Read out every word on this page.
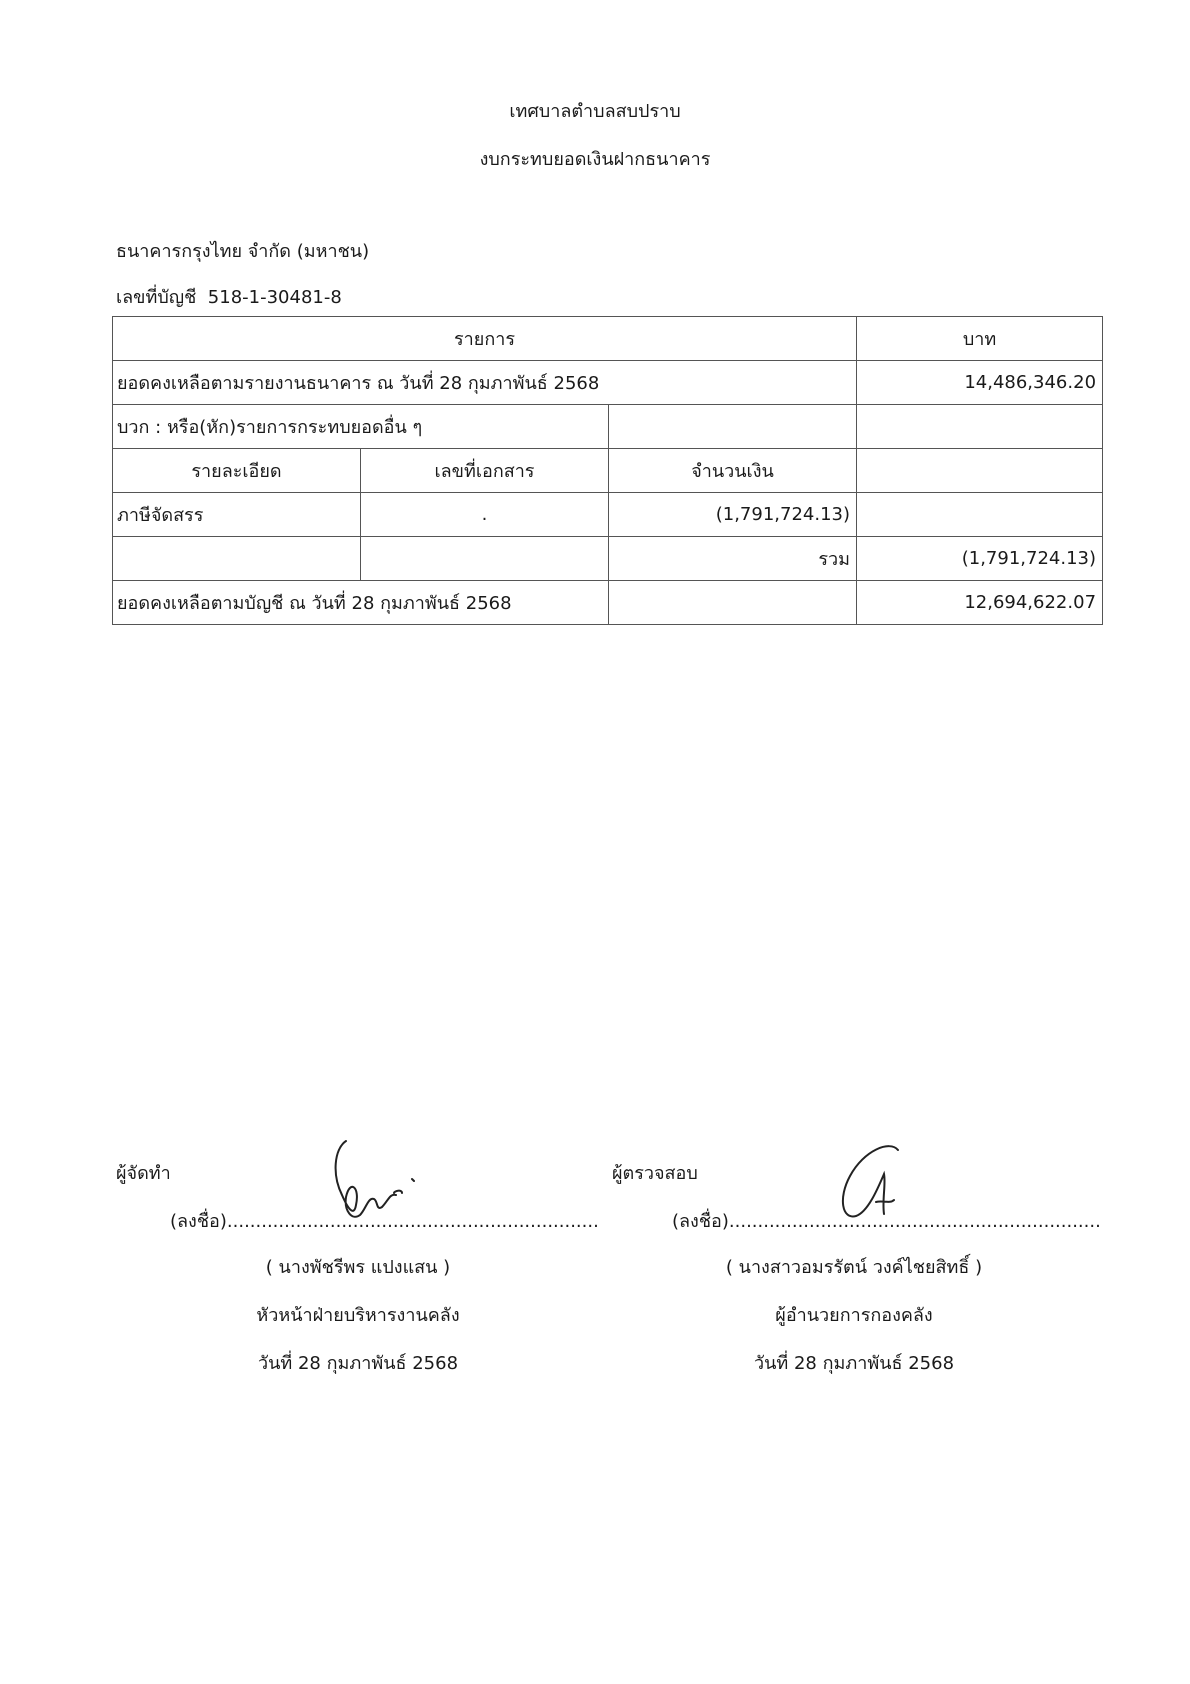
เทศบาลตำบลสบปราบ
งบกระทบยอดเงินฝากธนาคาร
ธนาคารกรุงไทย จำกัด (มหาชน)
เลขที่บัญชี 518-1-30481-8
รายการ			บาท
ยอดคงเหลือตามรายงานธนาคาร ณ วันที่ 28 กุมภาพันธ์ 2568			14,486,346.20
บวก : หรือ(หัก)รายการกระทบยอดอื่น ๆ			
รายละเอียด	เลขที่เอกสาร	จำนวนเงิน	
ภาษีจัดสรร	.	(1,791,724.13)	
		รวม	(1,791,724.13)
ยอดคงเหลือตามบัญชี ณ วันที่ 28 กุมภาพันธ์ 2568			12,694,622.07
ผู้จัดทำ
(ลงชื่อ).................................................................
( นางพัชรีพร แปงแสน )
หัวหน้าฝ่ายบริหารงานคลัง
วันที่ 28 กุมภาพันธ์ 2568
ผู้ตรวจสอบ
(ลงชื่อ).................................................................
( นางสาวอมรรัตน์ วงค์ไชยสิทธิ์ )
ผู้อำนวยการกองคลัง
วันที่ 28 กุมภาพันธ์ 2568
